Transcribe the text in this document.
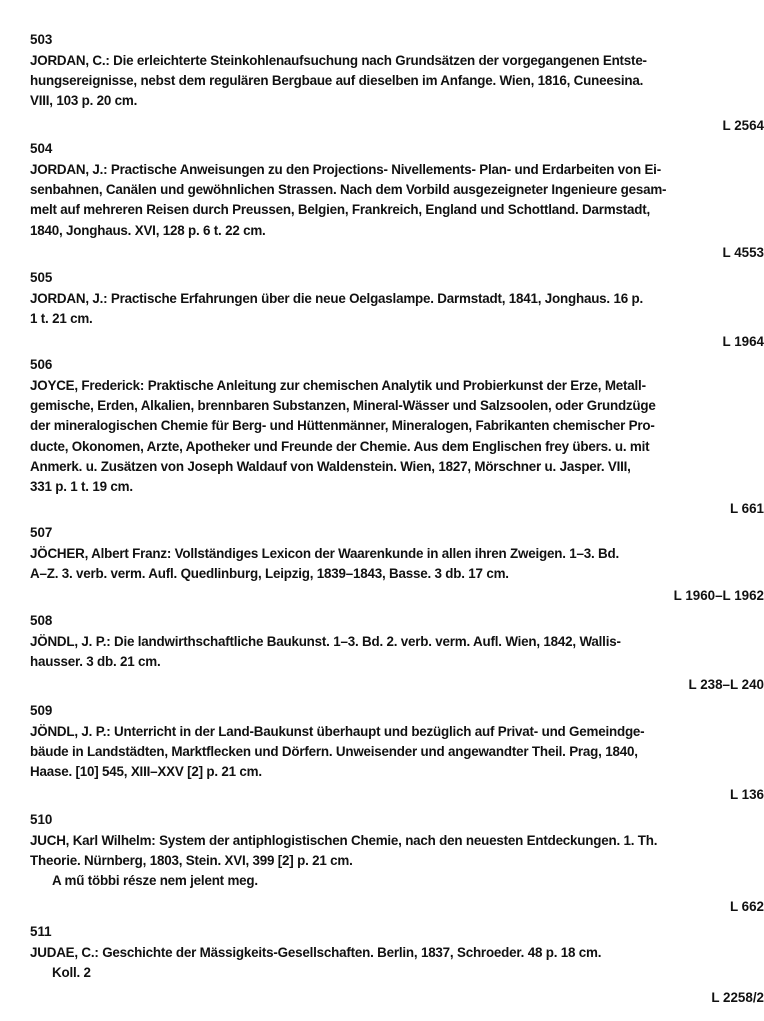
503
JORDAN, C.: Die erleichterte Steinkohlenaufsuchung nach Grundsätzen der vorgegangenen Entste-
hungsereignisse, nebst dem regulären Bergbaue auf dieselben im Anfange. Wien, 1816, Cuneesina.
VIII, 103 p. 20 cm.
L 2564
504
JORDAN, J.: Practische Anweisungen zu den Projections- Nivellements- Plan- und Erdarbeiten von Ei-
senbahnen, Canälen und gewöhnlichen Strassen. Nach dem Vorbild ausgezeigneter Ingenieure gesam-
melt auf mehreren Reisen durch Preussen, Belgien, Frankreich, England und Schottland. Darmstadt,
1840, Jonghaus. XVI, 128 p. 6 t. 22 cm.
L 4553
505
JORDAN, J.: Practische Erfahrungen über die neue Oelgaslampe. Darmstadt, 1841, Jonghaus. 16 p.
1 t. 21 cm.
L 1964
506
JOYCE, Frederick: Praktische Anleitung zur chemischen Analytik und Probierkunst der Erze, Metall-
gemische, Erden, Alkalien, brennbaren Substanzen, Mineral-Wässer und Salzsoolen, oder Grundzüge
der mineralogischen Chemie für Berg- und Hüttenmänner, Mineralogen, Fabrikanten chemischer Pro-
ducte, Okonomen, Arzte, Apotheker und Freunde der Chemie. Aus dem Englischen frey übers. u. mit
Anmerk. u. Zusätzen von Joseph Waldauf von Waldenstein. Wien, 1827, Mörschner u. Jasper. VIII,
331 p. 1 t. 19 cm.
L 661
507
JÖCHER, Albert Franz: Vollständiges Lexicon der Waarenkunde in allen ihren Zweigen. 1–3. Bd.
A–Z. 3. verb. verm. Aufl. Quedlinburg, Leipzig, 1839–1843, Basse. 3 db. 17 cm.
L 1960–L 1962
508
JÖNDL, J. P.: Die landwirthschaftliche Baukunst. 1–3. Bd. 2. verb. verm. Aufl. Wien, 1842, Wallis-
hausser. 3 db. 21 cm.
L 238–L 240
509
JÖNDL, J. P.: Unterricht in der Land-Baukunst überhaupt und bezüglich auf Privat- und Gemeindge-
bäude in Landstädten, Marktflecken und Dörfern. Unweisender und angewandter Theil. Prag, 1840,
Haase. [10] 545, XIII–XXV [2] p. 21 cm.
L 136
510
JUCH, Karl Wilhelm: System der antiphlogistischen Chemie, nach den neuesten Entdeckungen. 1. Th.
Theorie. Nürnberg, 1803, Stein. XVI, 399 [2] p. 21 cm.
A mű többi része nem jelent meg.
L 662
511
JUDAE, C.: Geschichte der Mässigkeits-Gesellschaften. Berlin, 1837, Schroeder. 48 p. 18 cm.
Koll. 2
L 2258/2
